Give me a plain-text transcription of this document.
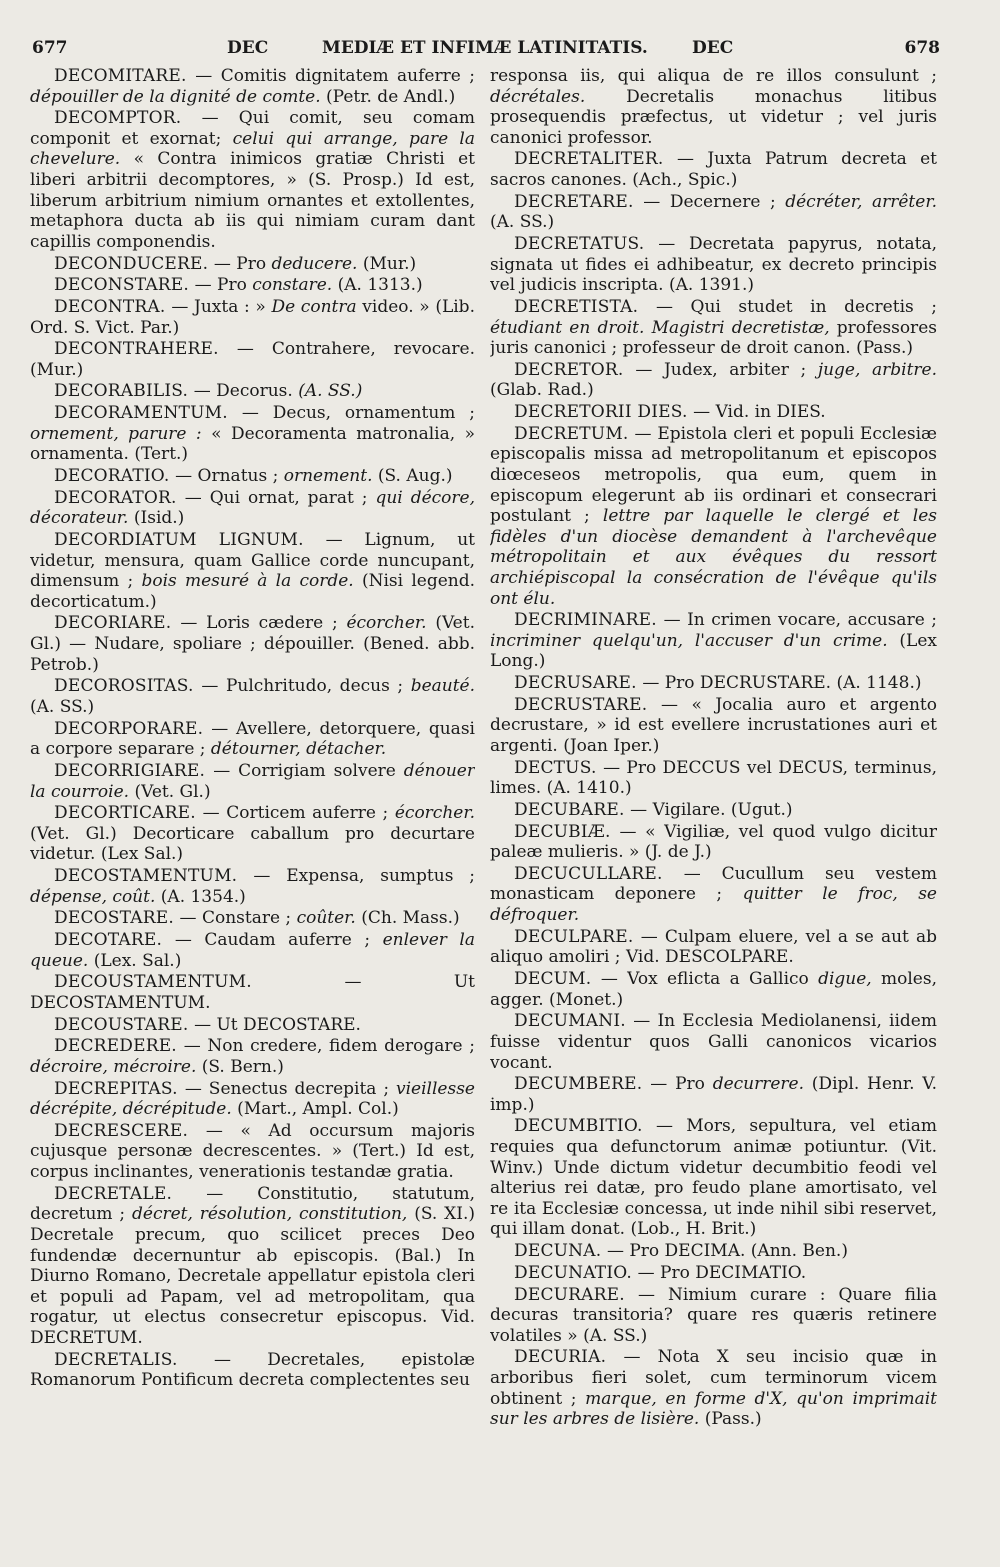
677	DEC	MEDIÆ ET INFIMÆ LATINITATIS.	DEC	678

DECOMITARE. — Comitis dignitatem auferre ; dépouiller de la dignité de comte. (Petr. de Andl.)

DECOMPTOR. — Qui comit, seu comam componit et exornat; celui qui arrange, pare la chevelure. « Contra inimicos gratiæ Christi et liberi arbitrii decomptores, » (S. Prosp.) Id est, liberum arbitrium nimium ornantes et extollentes, metaphora ducta ab iis qui nimiam curam dant capillis componendis.

DECONDUCERE. — Pro deducere. (Mur.)

DECONSTARE. — Pro constare. (A. 1313.)

DECONTRA. — Juxta : » De contra video. » (Lib. Ord. S. Vict. Par.)

DECONTRAHERE. — Contrahere, revocare. (Mur.)

DECORABILIS. — Decorus. (A. SS.)

DECORAMENTUM. — Decus, ornamentum ; ornement, parure : « Decoramenta matronalia, » ornamenta. (Tert.)

DECORATIO. — Ornatus ; ornement. (S. Aug.)

DECORATOR. — Qui ornat, parat ; qui décore, décorateur. (Isid.)

DECORDIATUM LIGNUM. — Lignum, ut videtur, mensura, quam Gallice corde nuncupant, dimensum ; bois mesuré à la corde. (Nisi legend. decorticatum.)

DECORIARE. — Loris cædere ; écorcher. (Vet. Gl.) — Nudare, spoliare ; dépouiller. (Bened. abb. Petrob.)

DECOROSITAS. — Pulchritudo, decus ; beauté. (A. SS.)

DECORPORARE. — Avellere, detorquere, quasi a corpore separare ; détourner, détacher.

DECORRIGIARE. — Corrigiam solvere dénouer la courroie. (Vet. Gl.)

DECORTICARE. — Corticem auferre ; écorcher. (Vet. Gl.) Decorticare caballum pro decurtare videtur. (Lex Sal.)

DECOSTAMENTUM. — Expensa, sumptus ; dépense, coût. (A. 1354.)

DECOSTARE. — Constare ; coûter. (Ch. Mass.)

DECOTARE. — Caudam auferre ; enlever la queue. (Lex. Sal.)

DECOUSTAMENTUM. — Ut DECOSTAMENTUM.

DECOUSTARE. — Ut DECOSTARE.

DECREDERE. — Non credere, fidem derogare ; décroire, mécroire. (S. Bern.)

DECREPITAS. — Senectus decrepita ; vieillesse décrépite, décrépitude. (Mart., Ampl. Col.)

DECRESCERE. — « Ad occursum majoris cujusque personæ decrescentes. » (Tert.) Id est, corpus inclinantes, venerationis testandæ gratia.

DECRETALE. — Constitutio, statutum, decretum ; décret, résolution, constitution, (S. XI.) Decretale precum, quo scilicet preces Deo fundendæ decernuntur ab episcopis. (Bal.) In Diurno Romano, Decretale appellatur epistola cleri et populi ad Papam, vel ad metropolitam, qua rogatur, ut electus consecretur episcopus. Vid. DECRETUM.

DECRETALIS. — Decretales, epistolæ Romanorum Pontificum decreta complectentes seu

responsa iis, qui aliqua de re illos consulunt ; décrétales. Decretalis monachus litibus prosequendis præfectus, ut videtur ; vel juris canonici professor.

DECRETALITER. — Juxta Patrum decreta et sacros canones. (Ach., Spic.)

DECRETARE. — Decernere ; décréter, arrêter. (A. SS.)

DECRETATUS. — Decretata papyrus, notata, signata ut fides ei adhibeatur, ex decreto principis vel judicis inscripta. (A. 1391.)

DECRETISTA. — Qui studet in decretis ; étudiant en droit. Magistri decretistæ, professores juris canonici ; professeur de droit canon. (Pass.)

DECRETOR. — Judex, arbiter ; juge, arbitre. (Glab. Rad.)

DECRETORII DIES. — Vid. in DIES.

DECRETUM. — Epistola cleri et populi Ecclesiæ episcopalis missa ad metropolitanum et episcopos diœceseos metropolis, qua eum, quem in episcopum elegerunt ab iis ordinari et consecrari postulant ; lettre par laquelle le clergé et les fidèles d'un diocèse demandent à l'archevêque métropolitain et aux évêques du ressort archiépiscopal la consécration de l'évêque qu'ils ont élu.

DECRIMINARE. — In crimen vocare, accusare ; incriminer quelqu'un, l'accuser d'un crime. (Lex Long.)

DECRUSARE. — Pro DECRUSTARE. (A. 1148.)

DECRUSTARE. — « Jocalia auro et argento decrustare, » id est evellere incrustationes auri et argenti. (Joan Iper.)

DECTUS. — Pro DECCUS vel DECUS, terminus, limes. (A. 1410.)

DECUBARE. — Vigilare. (Ugut.)

DECUBIÆ. — « Vigiliæ, vel quod vulgo dicitur paleæ mulieris. » (J. de J.)

DECUCULLARE. — Cucullum seu vestem monasticam deponere ; quitter le froc, se défroquer.

DECULPARE. — Culpam eluere, vel a se aut ab aliquo amoliri ; Vid. DESCOLPARE.

DECUM. — Vox eflicta a Gallico digue, moles, agger. (Monet.)

DECUMANI. — In Ecclesia Mediolanensi, iidem fuisse videntur quos Galli canonicos vicarios vocant.

DECUMBERE. — Pro decurrere. (Dipl. Henr. V. imp.)

DECUMBITIO. — Mors, sepultura, vel etiam requies qua defunctorum animæ potiuntur. (Vit. Winv.) Unde dictum videtur decumbitio feodi vel alterius rei datæ, pro feudo plane amortisato, vel re ita Ecclesiæ concessa, ut inde nihil sibi reservet, qui illam donat. (Lob., H. Brit.)

DECUNA. — Pro DECIMA. (Ann. Ben.)

DECUNATIO. — Pro DECIMATIO.

DECURARE. — Nimium curare : Quare filia decuras transitoria? quare res quæris retinere volatiles » (A. SS.)

DECURIA. — Nota X seu incisio quæ in arboribus fieri solet, cum terminorum vicem obtinent ; marque, en forme d'X, qu'on imprimait sur les arbres de lisière. (Pass.)
